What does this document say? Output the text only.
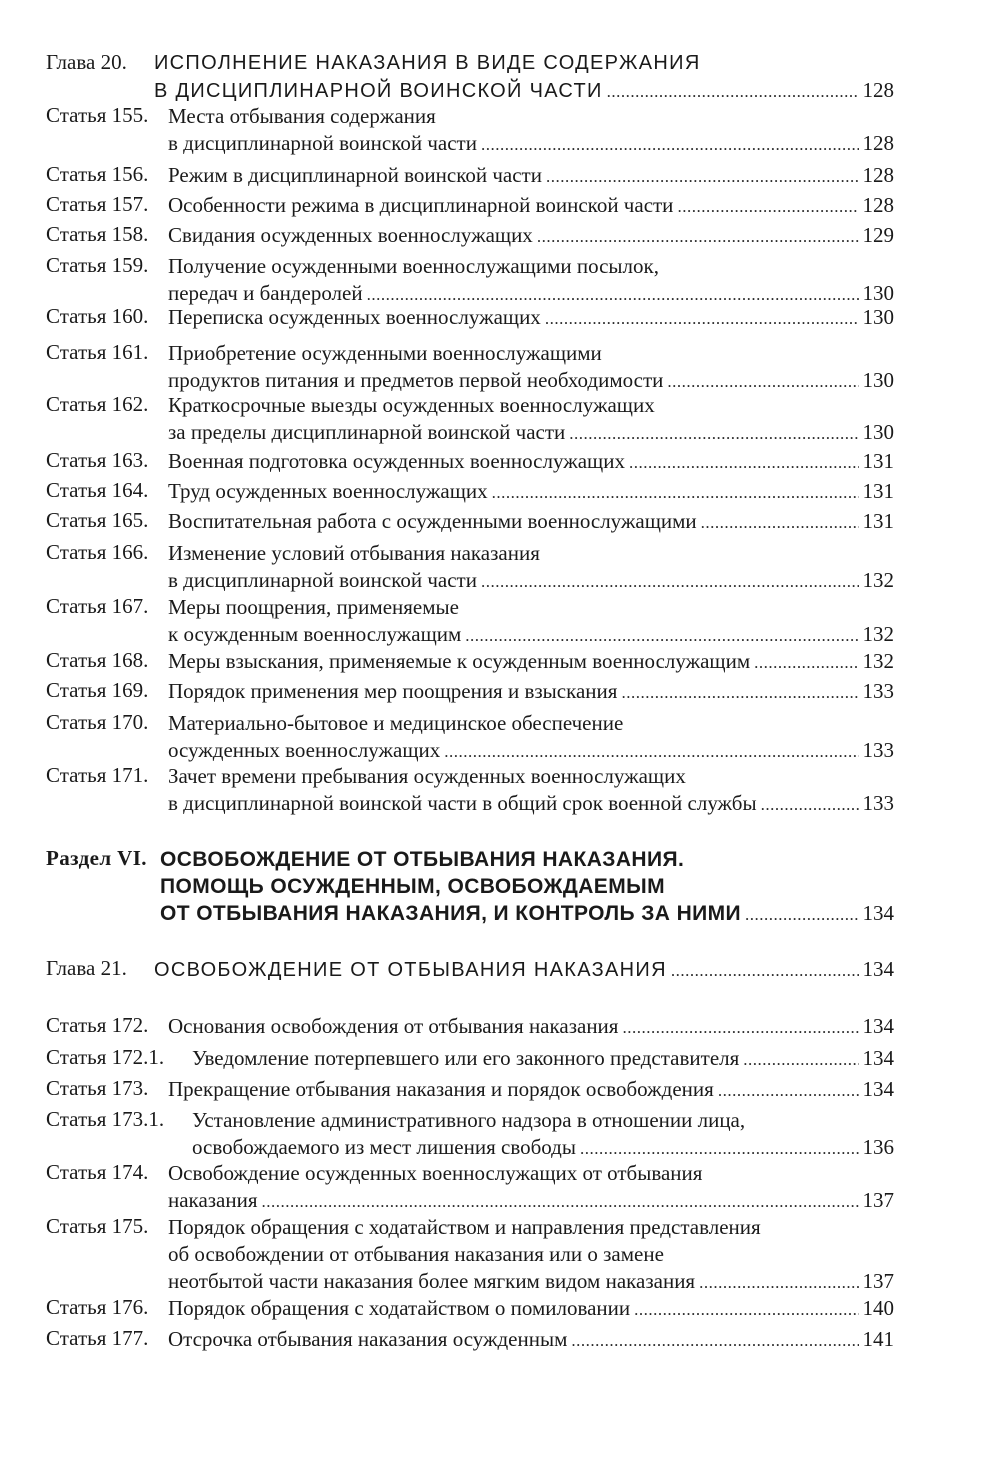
Глава 20. ИСПОЛНЕНИЕ НАКАЗАНИЯ В ВИДЕ СОДЕРЖАНИЯ
В ДИСЦИПЛИНАРНОЙ ВОИНСКОЙ ЧАСТИ .....	128
Статья 155. Места отбывания содержания
в дисциплинарной воинской части .....	128
Статья 156. Режим в дисциплинарной воинской части .....	128
Статья 157. Особенности режима в дисциплинарной воинской части .....	128
Статья 158. Свидания осужденных военнослужащих .....	129
Статья 159. Получение осужденными военнослужащими посылок,
передач и бандеролей .....	130
Статья 160. Переписка осужденных военнослужащих .....	130
Статья 161. Приобретение осужденными военнослужащими
продуктов питания и предметов первой необходимости .....	130
Статья 162. Краткосрочные выезды осужденных военнослужащих
за пределы дисциплинарной воинской части .....	130
Статья 163. Военная подготовка осужденных военнослужащих .....	131
Статья 164. Труд осужденных военнослужащих .....	131
Статья 165. Воспитательная работа с осужденными военнослужащими .....	131
Статья 166. Изменение условий отбывания наказания
в дисциплинарной воинской части .....	132
Статья 167. Меры поощрения, применяемые
к осужденным военнослужащим .....	132
Статья 168. Меры взыскания, применяемые к осужденным военнослужащим .....	132
Статья 169. Порядок применения мер поощрения и взыскания .....	133
Статья 170. Материально-бытовое и медицинское обеспечение
осужденных военнослужащих .....	133
Статья 171. Зачет времени пребывания осужденных военнослужащих
в дисциплинарной воинской части в общий срок военной службы .....	133
Раздел VI. ОСВОБОЖДЕНИЕ ОТ ОТБЫВАНИЯ НАКАЗАНИЯ.
ПОМОЩЬ ОСУЖДЕННЫМ, ОСВОБОЖДАЕМЫМ
ОТ ОТБЫВАНИЯ НАКАЗАНИЯ, И КОНТРОЛЬ ЗА НИМИ .....	134
Глава 21. ОСВОБОЖДЕНИЕ ОТ ОТБЫВАНИЯ НАКАЗАНИЯ .....	134
Статья 172. Основания освобождения от отбывания наказания .....	134
Статья 172.1. Уведомление потерпевшего или его законного представителя .....	134
Статья 173. Прекращение отбывания наказания и порядок освобождения .....	134
Статья 173.1. Установление административного надзора в отношении лица,
освобождаемого из мест лишения свободы .....	136
Статья 174. Освобождение осужденных военнослужащих от отбывания
наказания .....	137
Статья 175. Порядок обращения с ходатайством и направления представления
об освобождении от отбывания наказания или о замене
неотбытой части наказания более мягким видом наказания .....	137
Статья 176. Порядок обращения с ходатайством о помиловании .....	140
Статья 177. Отсрочка отбывания наказания осужденным .....	141
